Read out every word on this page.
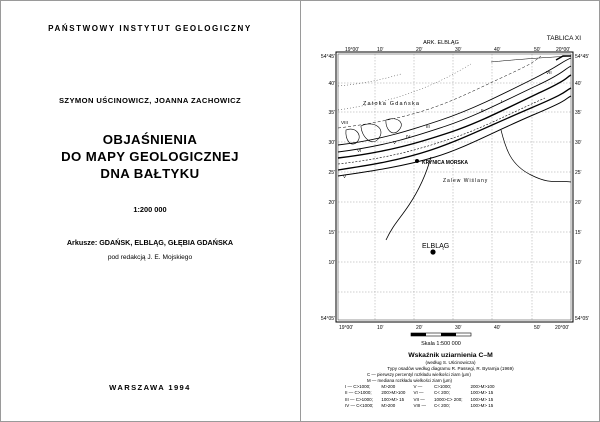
PAŃSTWOWY INSTYTUT GEOLOGICZNY
SZYMON UŚCINOWICZ, JOANNA ZACHOWICZ
OBJAŚNIENIA
DO MAPY GEOLOGICZNEJ
DNA BAŁTYKU
1:200 000
Arkusze: GDAŃSK, ELBLĄG, GŁĘBIA GDAŃSKA
pod redakcją J. E. Mojskiego
WARSZAWA 1994
ARK. ELBLĄG
TABLICA XI
19°00'	10'	20'	30'	40'	50'	20°00'
19°00'	10'	20'	30'	40'	50'	20°00'
54°45'
40'
35'
30'
25'
20'
15'
10'
54°05'
54°45'
40'
35'
30'
25'
20'
15'
10'
54°05'
Zatoka Gdańska
KRYNICA MORSKA
Zalew Wiślany
ELBLĄG
VIII
VI
V
IV
III
II
I
VII
V
Skala 1:500 000
Wskaźnik uziarnienia C–M
(według S. Uścinowicza)
Typy osadów według diagramu R. Passegi, R. Byramja (1969)
C — pierwszy percentyl rozkładu wielkości ziarn (µm)
M — mediana rozkładu wielkości ziarn (µm)
I — C>1000;	M>200	V —	C>1000;	200>M>100
II — C>1000;	200>M>100	VI —	C< 200;	100>M> 15
III — C>1000;	100>M> 15	VII —	1000>C> 200;	100>M> 15
IV — C<1000;	M>200	VIII —	C< 200;	100>M> 15
